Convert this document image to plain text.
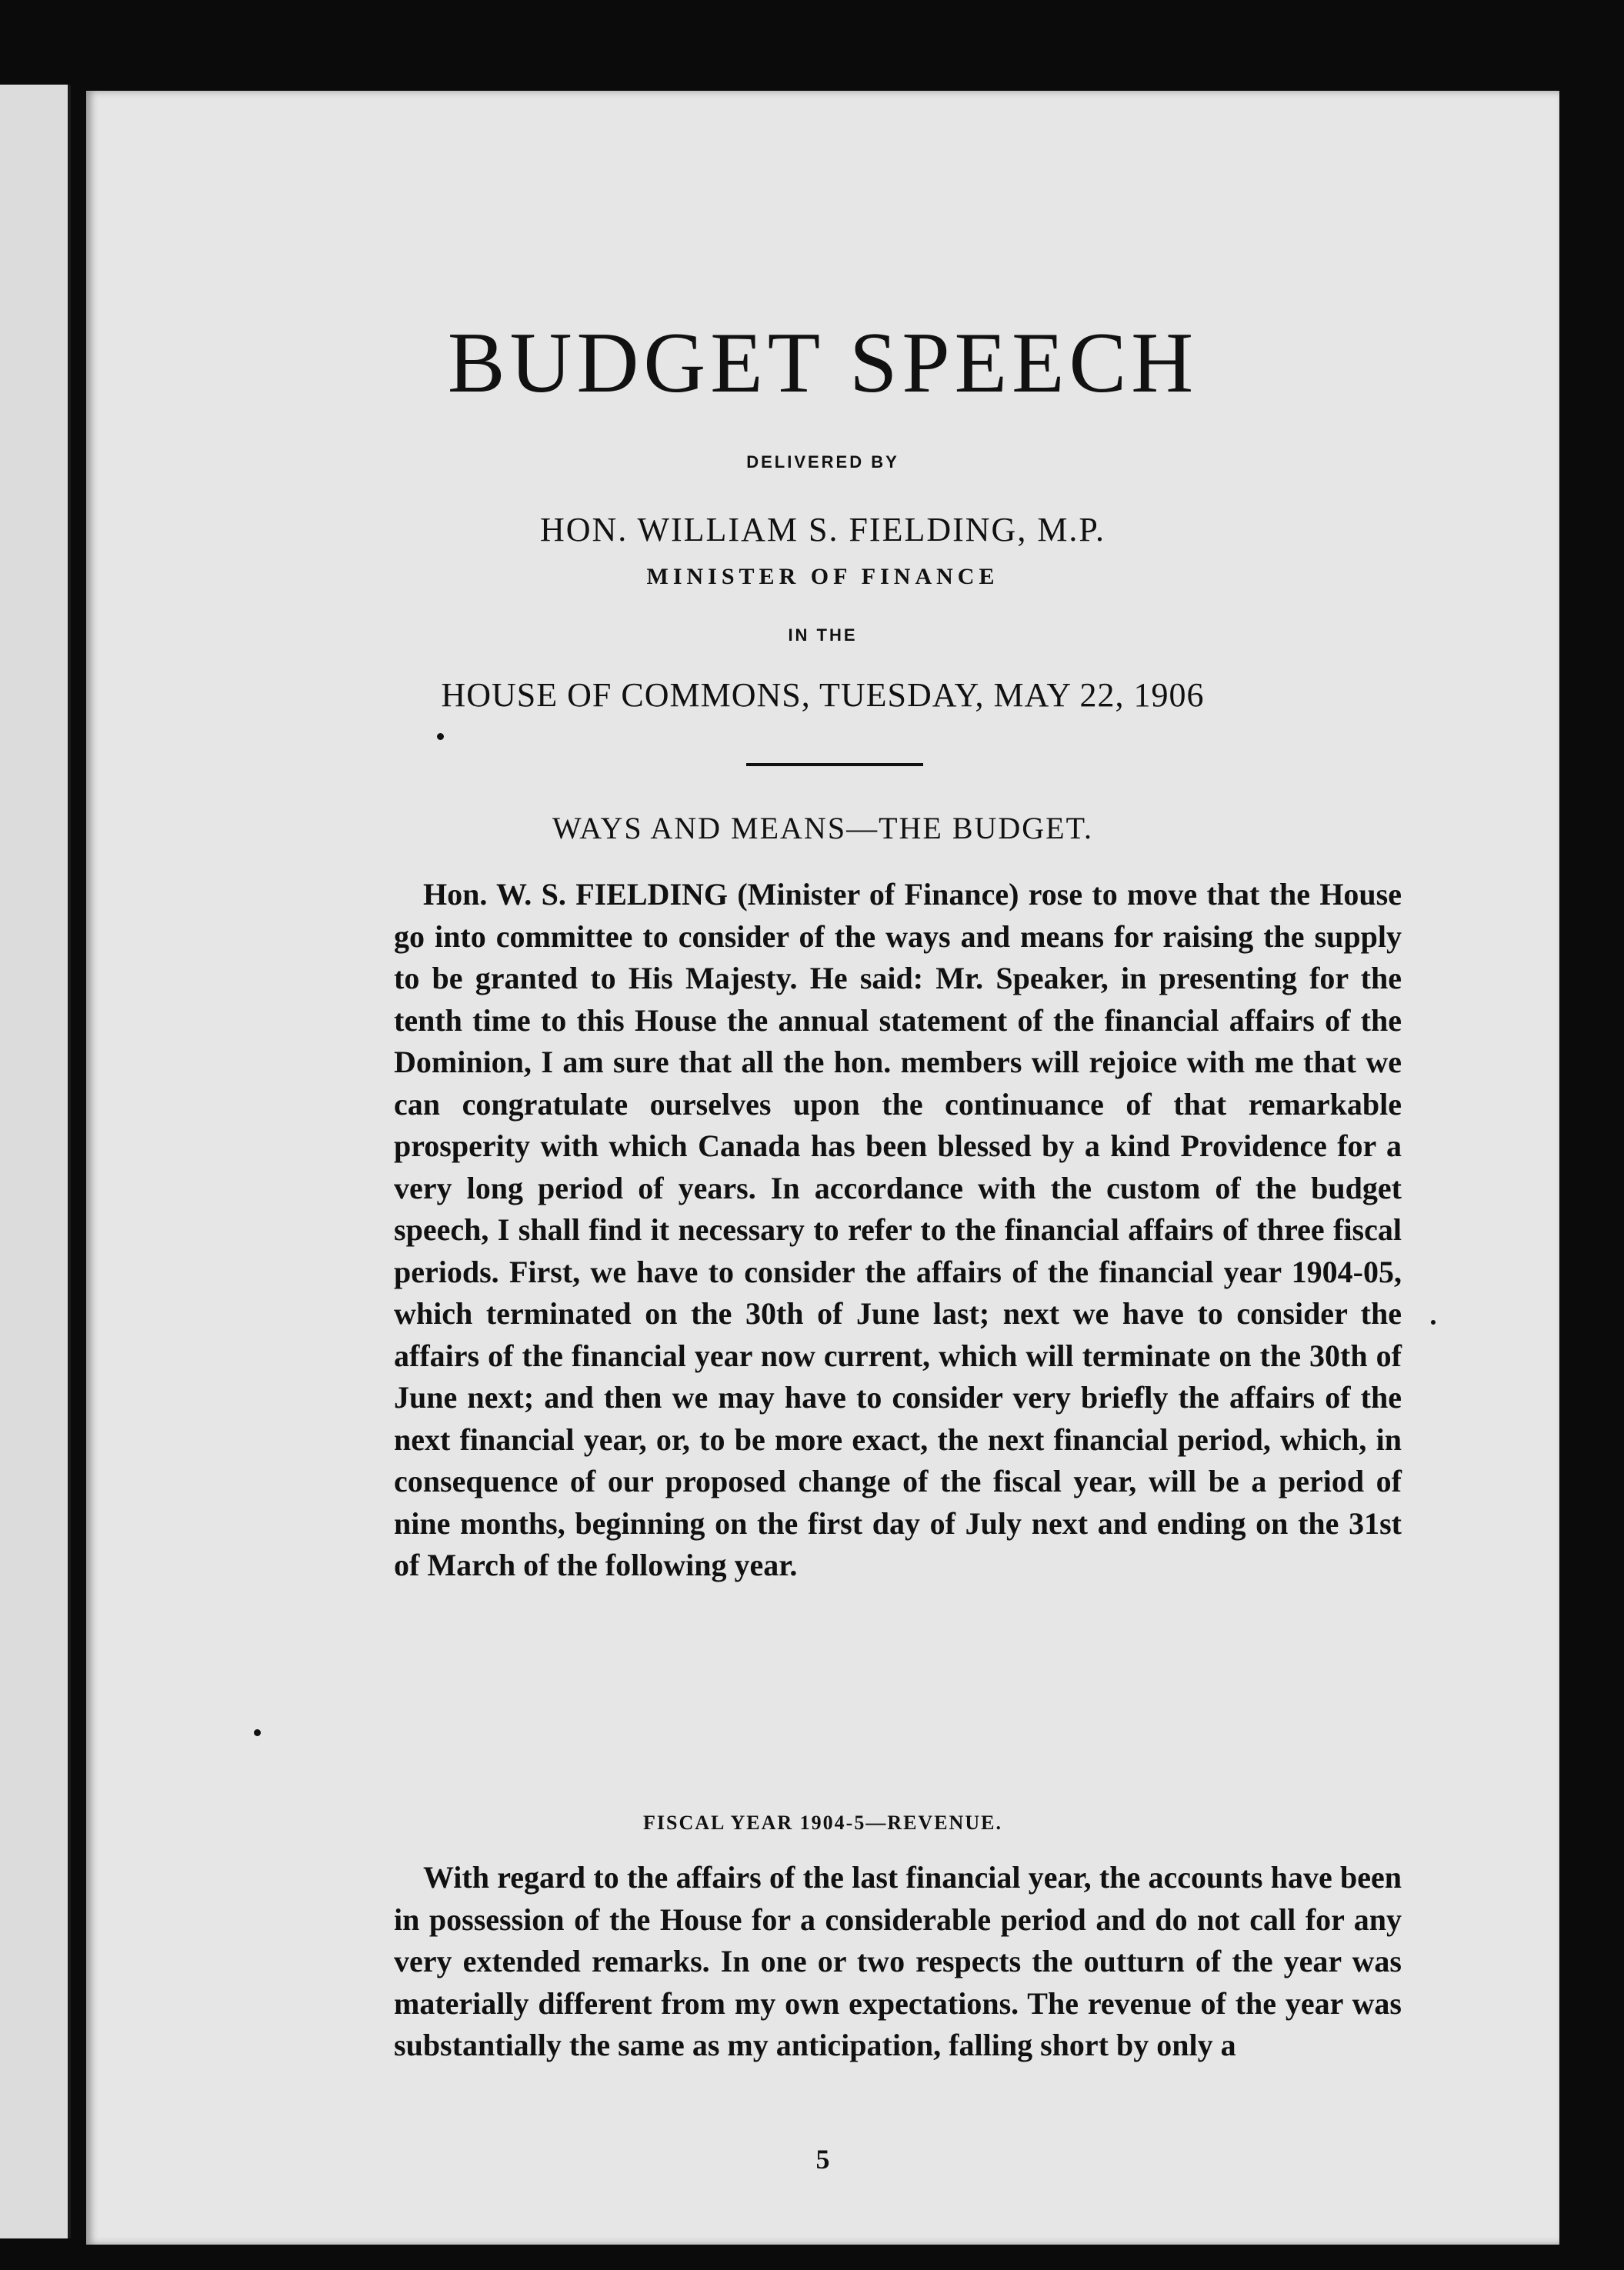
BUDGET SPEECH
DELIVERED BY
HON. WILLIAM S. FIELDING, M.P.
MINISTER OF FINANCE
IN THE
HOUSE OF COMMONS, TUESDAY, MAY 22, 1906
WAYS AND MEANS—THE BUDGET.

Hon. W. S. FIELDING (Minister of Finance) rose to move that the House go into committee to consider of the ways and means for raising the supply to be granted to His Majesty. He said: Mr. Speaker, in presenting for the tenth time to this House the annual statement of the financial affairs of the Dominion, I am sure that all the hon. members will rejoice with me that we can congratulate ourselves upon the continuance of that remarkable prosperity with which Canada has been blessed by a kind Providence for a very long period of years. In accordance with the custom of the budget speech, I shall find it necessary to refer to the financial affairs of three fiscal periods. First, we have to consider the affairs of the financial year 1904-05, which terminated on the 30th of June last; next we have to consider the affairs of the financial year now current, which will terminate on the 30th of June next; and then we may have to consider very briefly the affairs of the next financial year, or, to be more exact, the next financial period, which, in consequence of our proposed change of the fiscal year, will be a period of nine months, beginning on the first day of July next and ending on the 31st of March of the following year.

FISCAL YEAR 1904-5—REVENUE.

With regard to the affairs of the last financial year, the accounts have been in possession of the House for a considerable period and do not call for any very extended remarks. In one or two respects the outturn of the year was materially different from my own expectations. The revenue of the year was substantially the same as my anticipation, falling short by only a

5
